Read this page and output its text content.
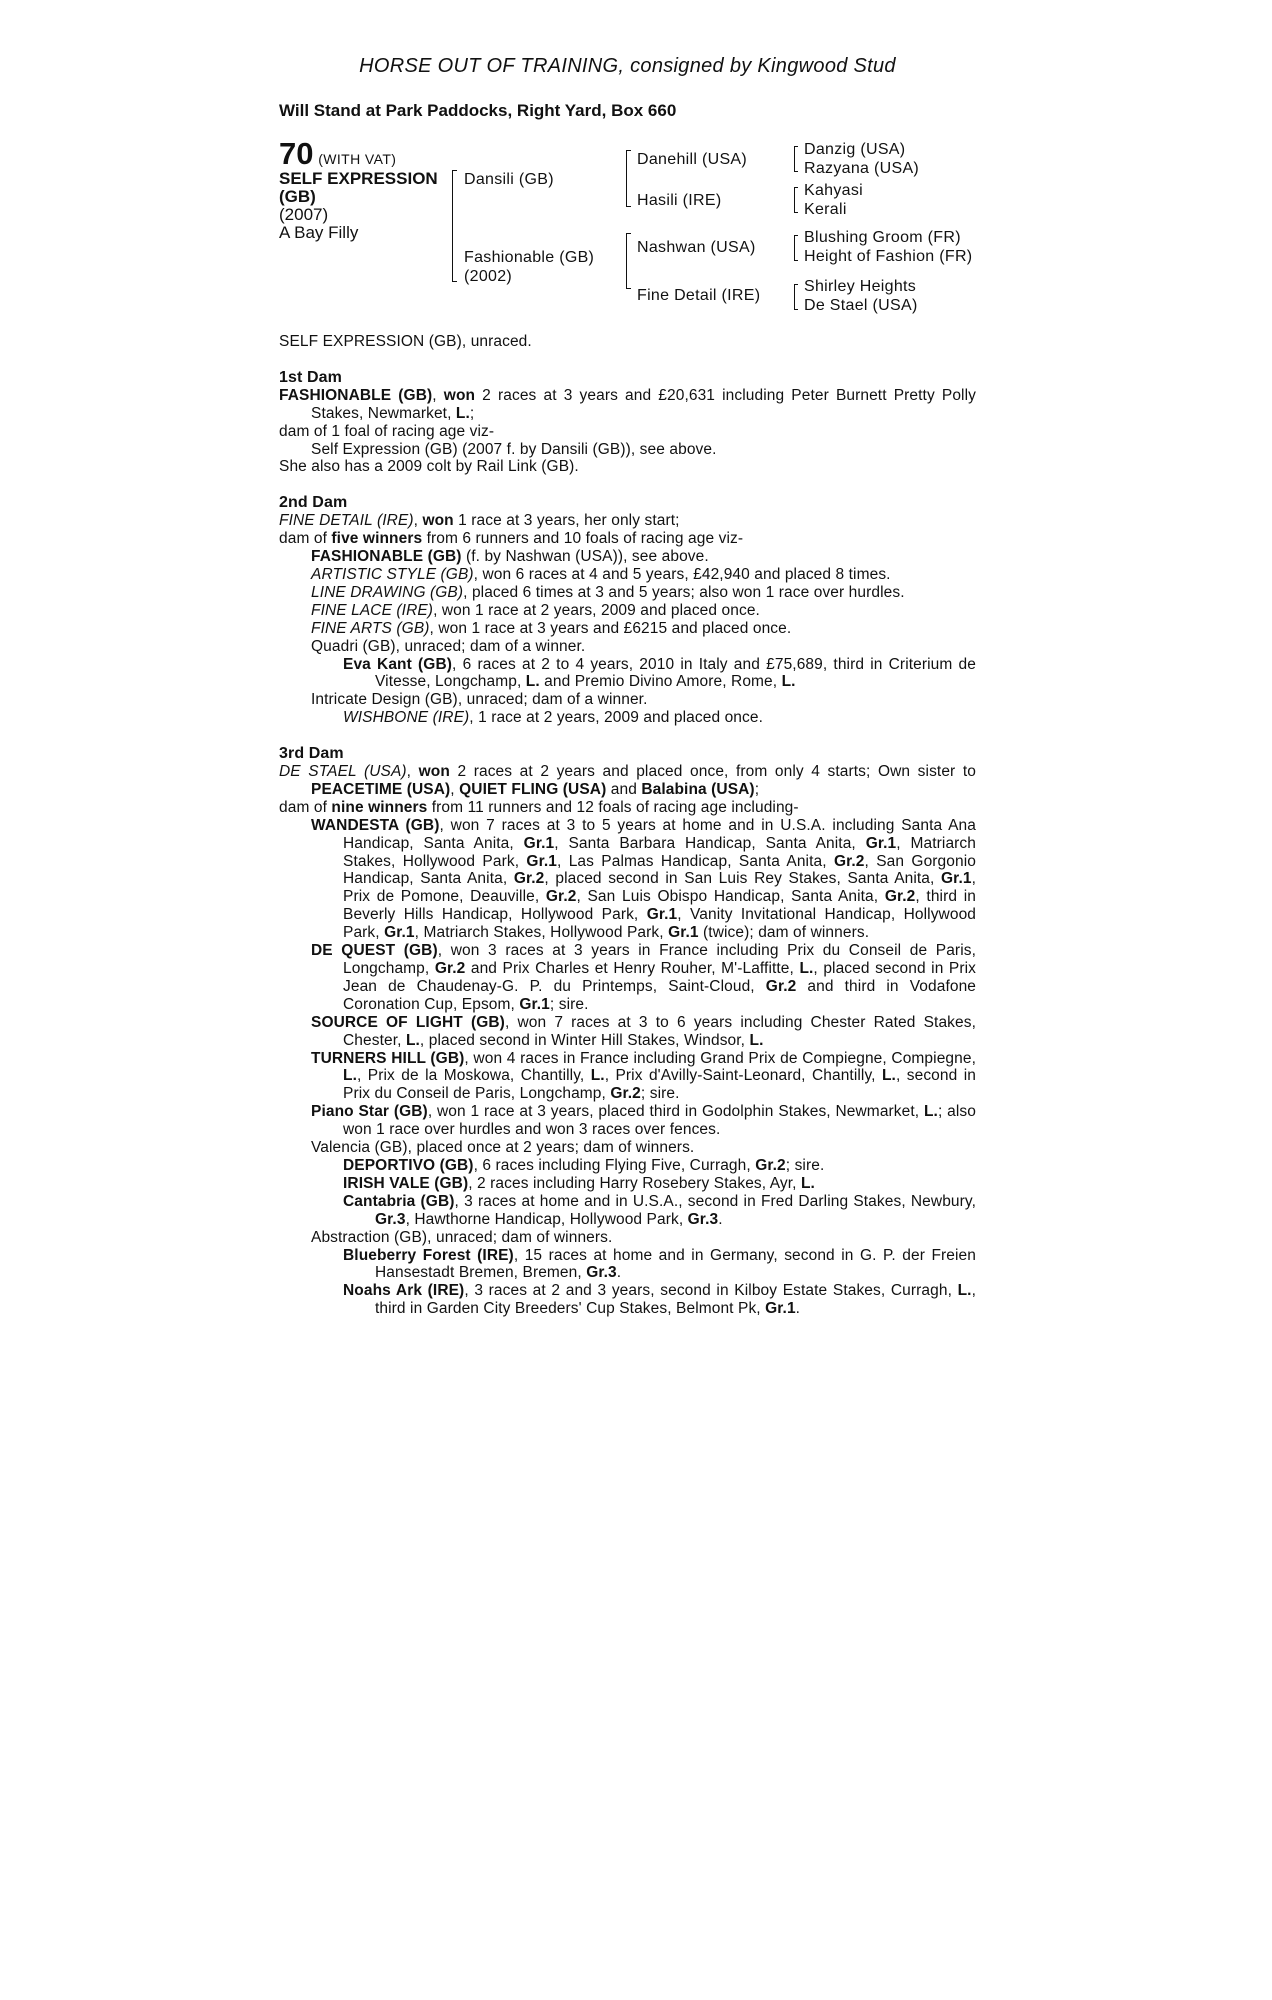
HORSE OUT OF TRAINING, consigned by Kingwood Stud
Will Stand at Park Paddocks, Right Yard, Box 660
70 (WITH VAT)
SELF EXPRESSION
(GB)
(2007)
A Bay Filly
Dansili (GB)
Fashionable (GB)
(2002)
Danehill (USA)
Hasili (IRE)
Nashwan (USA)
Fine Detail (IRE)
Danzig (USA)
Razyana (USA)
Kahyasi
Kerali
Blushing Groom (FR)
Height of Fashion (FR)
Shirley Heights
De Stael (USA)

SELF EXPRESSION (GB), unraced.

1st Dam

FASHIONABLE (GB), won 2 races at 3 years and £20,631 including Peter Burnett Pretty Polly Stakes, Newmarket, L.;

dam of 1 foal of racing age viz-

Self Expression (GB) (2007 f. by Dansili (GB)), see above.

She also has a 2009 colt by Rail Link (GB).

2nd Dam

FINE DETAIL (IRE), won 1 race at 3 years, her only start;

dam of five winners from 6 runners and 10 foals of racing age viz-

FASHIONABLE (GB) (f. by Nashwan (USA)), see above.

ARTISTIC STYLE (GB), won 6 races at 4 and 5 years, £42,940 and placed 8 times.

LINE DRAWING (GB), placed 6 times at 3 and 5 years; also won 1 race over hurdles.

FINE LACE (IRE), won 1 race at 2 years, 2009 and placed once.

FINE ARTS (GB), won 1 race at 3 years and £6215 and placed once.

Quadri (GB), unraced; dam of a winner.

Eva Kant (GB), 6 races at 2 to 4 years, 2010 in Italy and £75,689, third in Criterium de Vitesse, Longchamp, L. and Premio Divino Amore, Rome, L.

Intricate Design (GB), unraced; dam of a winner.

WISHBONE (IRE), 1 race at 2 years, 2009 and placed once.

3rd Dam

DE STAEL (USA), won 2 races at 2 years and placed once, from only 4 starts; Own sister to PEACETIME (USA), QUIET FLING (USA) and Balabina (USA);

dam of nine winners from 11 runners and 12 foals of racing age including-

WANDESTA (GB), won 7 races at 3 to 5 years at home and in U.S.A. including Santa Ana Handicap, Santa Anita, Gr.1, Santa Barbara Handicap, Santa Anita, Gr.1, Matriarch Stakes, Hollywood Park, Gr.1, Las Palmas Handicap, Santa Anita, Gr.2, San Gorgonio Handicap, Santa Anita, Gr.2, placed second in San Luis Rey Stakes, Santa Anita, Gr.1, Prix de Pomone, Deauville, Gr.2, San Luis Obispo Handicap, Santa Anita, Gr.2, third in Beverly Hills Handicap, Hollywood Park, Gr.1, Vanity Invitational Handicap, Hollywood Park, Gr.1, Matriarch Stakes, Hollywood Park, Gr.1 (twice); dam of winners.

DE QUEST (GB), won 3 races at 3 years in France including Prix du Conseil de Paris, Longchamp, Gr.2 and Prix Charles et Henry Rouher, M'-Laffitte, L., placed second in Prix Jean de Chaudenay-G. P. du Printemps, Saint-Cloud, Gr.2 and third in Vodafone Coronation Cup, Epsom, Gr.1; sire.

SOURCE OF LIGHT (GB), won 7 races at 3 to 6 years including Chester Rated Stakes, Chester, L., placed second in Winter Hill Stakes, Windsor, L.

TURNERS HILL (GB), won 4 races in France including Grand Prix de Compiegne, Compiegne, L., Prix de la Moskowa, Chantilly, L., Prix d'Avilly-Saint-Leonard, Chantilly, L., second in Prix du Conseil de Paris, Longchamp, Gr.2; sire.

Piano Star (GB), won 1 race at 3 years, placed third in Godolphin Stakes, Newmarket, L.; also won 1 race over hurdles and won 3 races over fences.

Valencia (GB), placed once at 2 years; dam of winners.

DEPORTIVO (GB), 6 races including Flying Five, Curragh, Gr.2; sire.

IRISH VALE (GB), 2 races including Harry Rosebery Stakes, Ayr, L.

Cantabria (GB), 3 races at home and in U.S.A., second in Fred Darling Stakes, Newbury, Gr.3, Hawthorne Handicap, Hollywood Park, Gr.3.

Abstraction (GB), unraced; dam of winners.

Blueberry Forest (IRE), 15 races at home and in Germany, second in G. P. der Freien Hansestadt Bremen, Bremen, Gr.3.

Noahs Ark (IRE), 3 races at 2 and 3 years, second in Kilboy Estate Stakes, Curragh, L., third in Garden City Breeders' Cup Stakes, Belmont Pk, Gr.1.
